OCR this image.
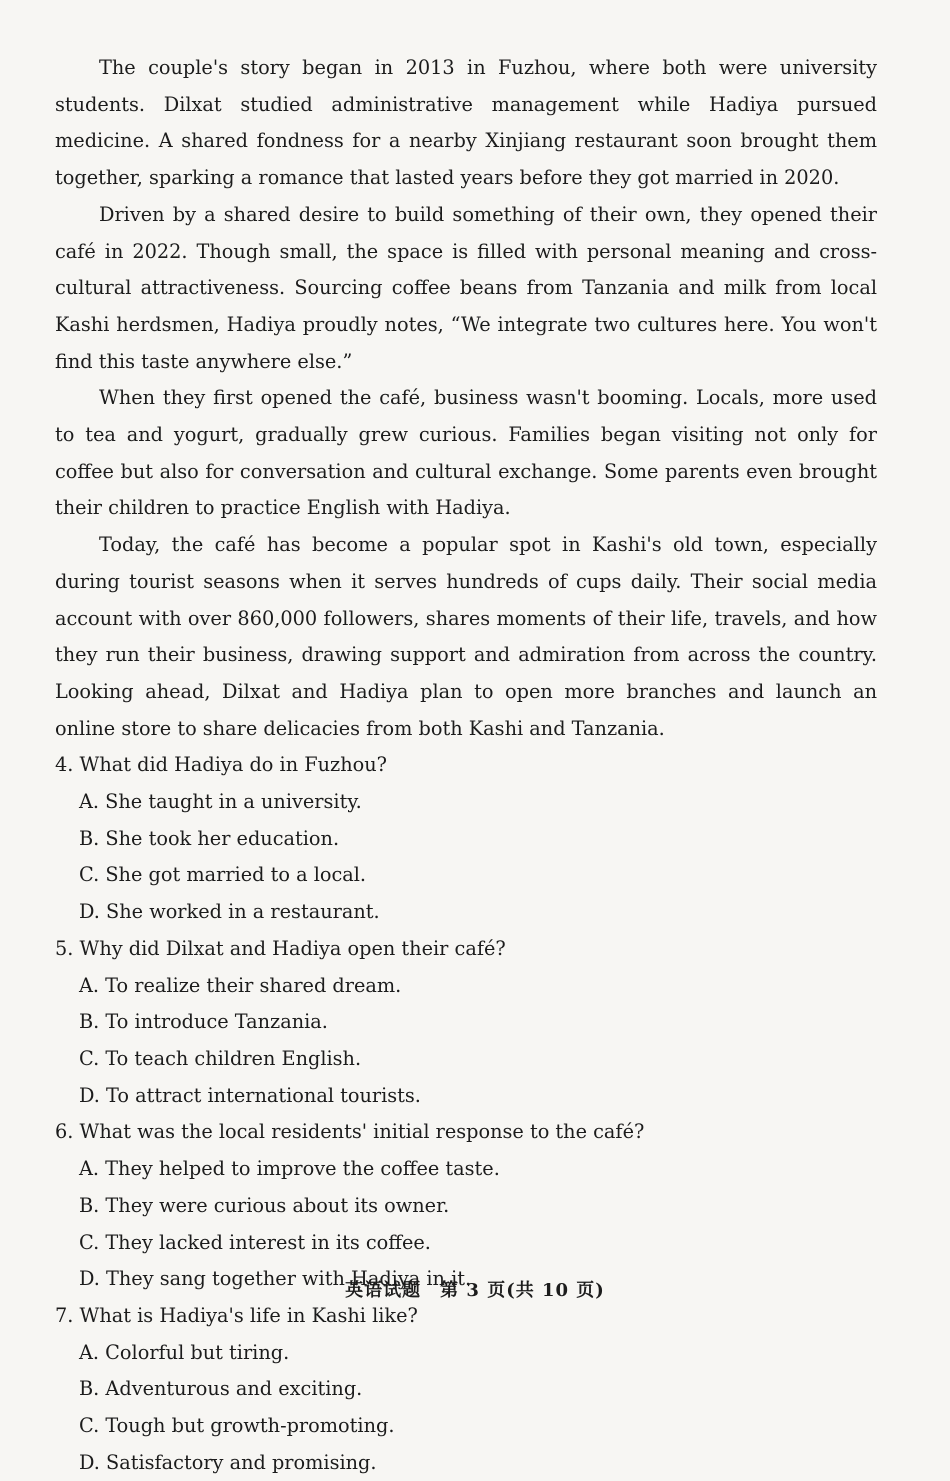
The couple's story began in 2013 in Fuzhou, where both were university students. Dilxat studied administrative management while Hadiya pursued medicine. A shared fondness for a nearby Xinjiang restaurant soon brought them together, sparking a romance that lasted years before they got married in 2020.

Driven by a shared desire to build something of their own, they opened their café in 2022. Though small, the space is filled with personal meaning and cross-cultural attractiveness. Sourcing coffee beans from Tanzania and milk from local Kashi herdsmen, Hadiya proudly notes, “We integrate two cultures here. You won't find this taste anywhere else.”

When they first opened the café, business wasn't booming. Locals, more used to tea and yogurt, gradually grew curious. Families began visiting not only for coffee but also for conversation and cultural exchange. Some parents even brought their children to practice English with Hadiya.

Today, the café has become a popular spot in Kashi's old town, especially during tourist seasons when it serves hundreds of cups daily. Their social media account with over 860,000 followers, shares moments of their life, travels, and how they run their business, drawing support and admiration from across the country. Looking ahead, Dilxat and Hadiya plan to open more branches and launch an online store to share delicacies from both Kashi and Tanzania.

4. What did Hadiya do in Fuzhou?

A. She taught in a university.
B. She took her education.
C. She got married to a local.
D. She worked in a restaurant.

5. Why did Dilxat and Hadiya open their café?

A. To realize their shared dream.
B. To introduce Tanzania.
C. To teach children English.
D. To attract international tourists.

6. What was the local residents' initial response to the café?

A. They helped to improve the coffee taste.
B. They were curious about its owner.
C. They lacked interest in its coffee.
D. They sang together with Hadiya in it.

7. What is Hadiya's life in Kashi like?

A. Colorful but tiring.
B. Adventurous and exciting.
C. Tough but growth-promoting.
D. Satisfactory and promising.
英语试题　第 3 页(共 10 页)
